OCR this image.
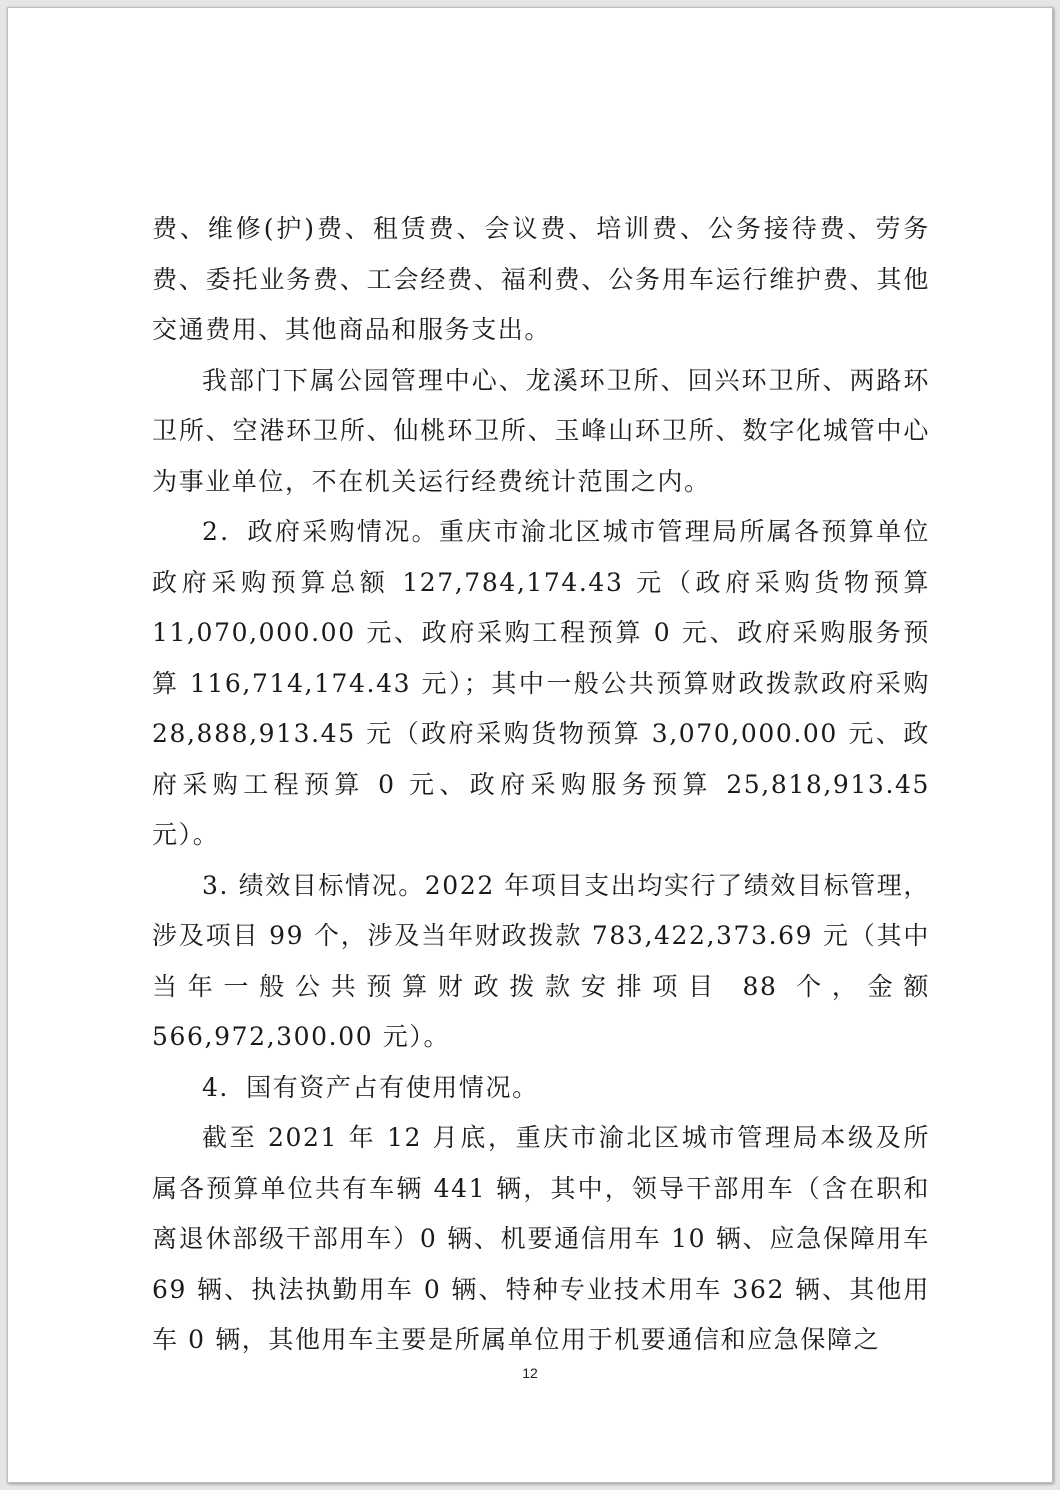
费、维修(护)费、租赁费、会议费、培训费、公务接待费、劳务费、委托业务费、工会经费、福利费、公务用车运行维护费、其他交通费用、其他商品和服务支出。

我部门下属公园管理中心、龙溪环卫所、回兴环卫所、两路环卫所、空港环卫所、仙桃环卫所、玉峰山环卫所、数字化城管中心为事业单位，不在机关运行经费统计范围之内。

2．政府采购情况。重庆市渝北区城市管理局所属各预算单位政府采购预算总额 127,784,174.43 元（政府采购货物预算 11,070,000.00 元、政府采购工程预算 0 元、政府采购服务预算 116,714,174.43 元）；其中一般公共预算财政拨款政府采购 28,888,913.45 元（政府采购货物预算 3,070,000.00 元、政府采购工程预算 0 元、政府采购服务预算 25,818,913.45 元）。

3. 绩效目标情况。2022 年项目支出均实行了绩效目标管理，涉及项目 99 个，涉及当年财政拨款 783,422,373.69 元（其中当年一般公共预算财政拨款安排项目 88 个，金额 566,972,300.00 元）。

4．国有资产占有使用情况。

截至 2021 年 12 月底，重庆市渝北区城市管理局本级及所属各预算单位共有车辆 441 辆，其中，领导干部用车（含在职和离退休部级干部用车）0 辆、机要通信用车 10 辆、应急保障用车 69 辆、执法执勤用车 0 辆、特种专业技术用车 362 辆、其他用车 0 辆，其他用车主要是所属单位用于机要通信和应急保障之

12
